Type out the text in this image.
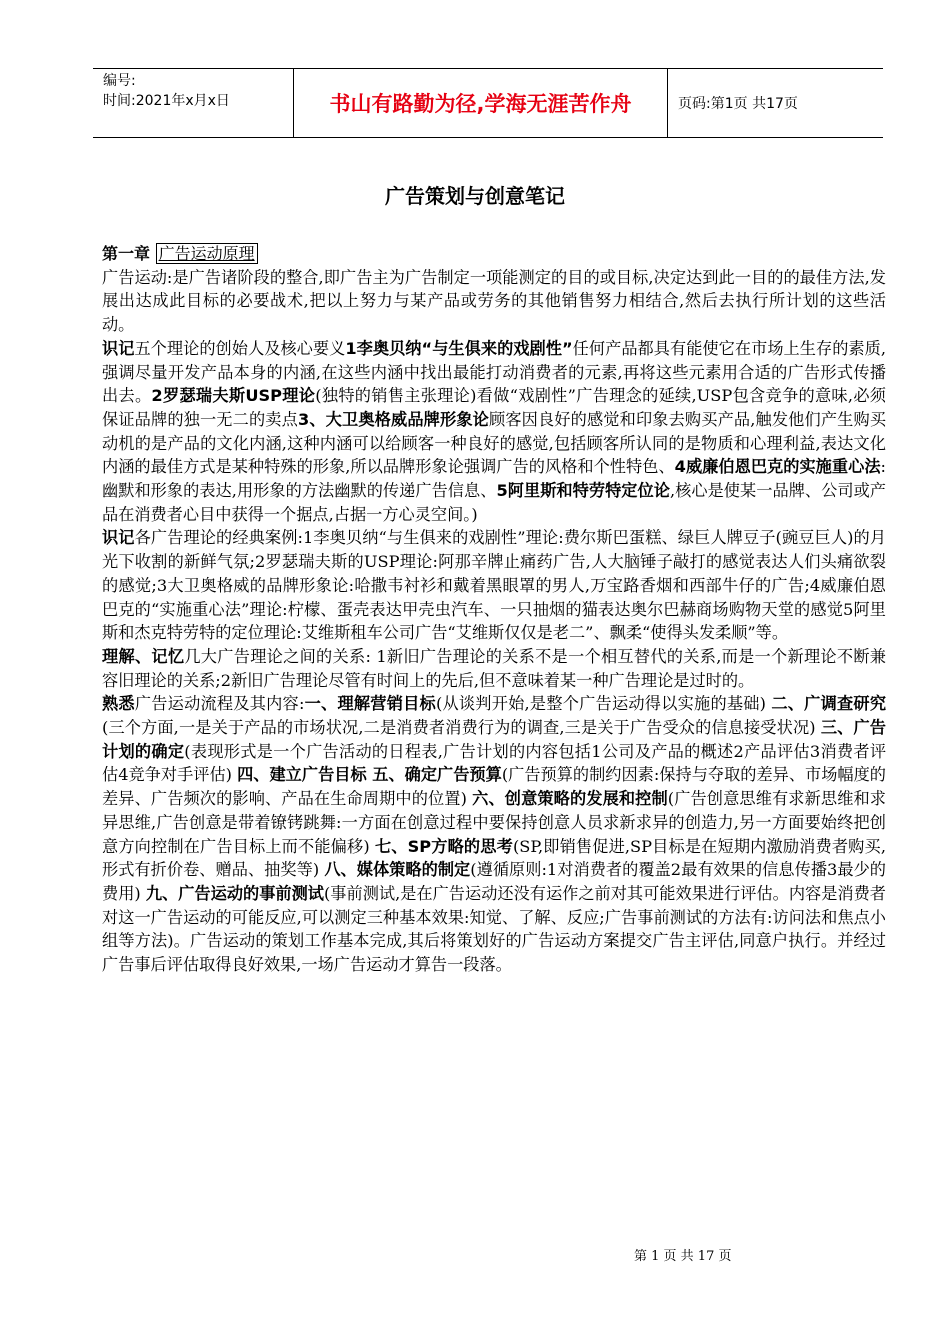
编号:
时间:2021年x月x日	书山有路勤为径,学海无涯苦作舟	页码:第1页 共17页
广告策划与创意笔记

第一章 广告运动原理

广告运动:是广告诸阶段的整合,即广告主为广告制定一项能测定的目的或目标,决定达到此一目的的最佳方法,发展出达成此目标的必要战术,把以上努力与某产品或劳务的其他销售努力相结合,然后去执行所计划的这些活动。

识记五个理论的创始人及核心要义1李奥贝纳“与生俱来的戏剧性”任何产品都具有能使它在市场上生存的素质,强调尽量开发产品本身的内涵,在这些内涵中找出最能打动消费者的元素,再将这些元素用合适的广告形式传播出去。2罗瑟瑞夫斯USP理论(独特的销售主张理论)看做“戏剧性”广告理念的延续,USP包含竞争的意味,必须保证品牌的独一无二的卖点3、大卫奥格威品牌形象论顾客因良好的感觉和印象去购买产品,触发他们产生购买动机的是产品的文化内涵,这种内涵可以给顾客一种良好的感觉,包括顾客所认同的是物质和心理利益,表达文化内涵的最佳方式是某种特殊的形象,所以品牌形象论强调广告的风格和个性特色、4威廉伯恩巴克的实施重心法:幽默和形象的表达,用形象的方法幽默的传递广告信息、5阿里斯和特劳特定位论,核心是使某一品牌、公司或产品在消费者心目中获得一个据点,占据一方心灵空间。)

识记各广告理论的经典案例:1李奥贝纳“与生俱来的戏剧性”理论:费尔斯巴蛋糕、绿巨人牌豆子(豌豆巨人)的月光下收割的新鲜气氛;2罗瑟瑞夫斯的USP理论:阿那辛牌止痛药广告,人大脑锤子敲打的感觉表达人们头痛欲裂的感觉;3大卫奥格威的品牌形象论:哈撒韦衬衫和戴着黑眼罩的男人,万宝路香烟和西部牛仔的广告;4威廉伯恩巴克的“实施重心法”理论:柠檬、蛋壳表达甲壳虫汽车、一只抽烟的猫表达奥尔巴赫商场购物天堂的感觉5阿里斯和杰克特劳特的定位理论:艾维斯租车公司广告“艾维斯仅仅是老二”、飘柔“使得头发柔顺”等。

理解、记忆几大广告理论之间的关系: 1新旧广告理论的关系不是一个相互替代的关系,而是一个新理论不断兼容旧理论的关系;2新旧广告理论尽管有时间上的先后,但不意味着某一种广告理论是过时的。

熟悉广告运动流程及其内容:一、理解营销目标(从谈判开始,是整个广告运动得以实施的基础) 二、广调查研究(三个方面,一是关于产品的市场状况,二是消费者消费行为的调查,三是关于广告受众的信息接受状况) 三、广告计划的确定(表现形式是一个广告活动的日程表,广告计划的内容包括1公司及产品的概述2产品评估3消费者评估4竞争对手评估) 四、建立广告目标 五、确定广告预算(广告预算的制约因素:保持与夺取的差异、市场幅度的差异、广告频次的影响、产品在生命周期中的位置) 六、创意策略的发展和控制(广告创意思维有求新思维和求异思维,广告创意是带着镣铐跳舞:一方面在创意过程中要保持创意人员求新求异的创造力,另一方面要始终把创意方向控制在广告目标上而不能偏移) 七、SP方略的思考(SP,即销售促进,SP目标是在短期内激励消费者购买,形式有折价卷、赠品、抽奖等) 八、媒体策略的制定(遵循原则:1对消费者的覆盖2最有效果的信息传播3最少的费用) 九、广告运动的事前测试(事前测试,是在广告运动还没有运作之前对其可能效果进行评估。内容是消费者对这一广告运动的可能反应,可以测定三种基本效果:知觉、了解、反应;广告事前测试的方法有:访问法和焦点小组等方法)。广告运动的策划工作基本完成,其后将策划好的广告运动方案提交广告主评估,同意户执行。并经过广告事后评估取得良好效果,一场广告运动才算告一段落。

第 1 页 共 17 页
